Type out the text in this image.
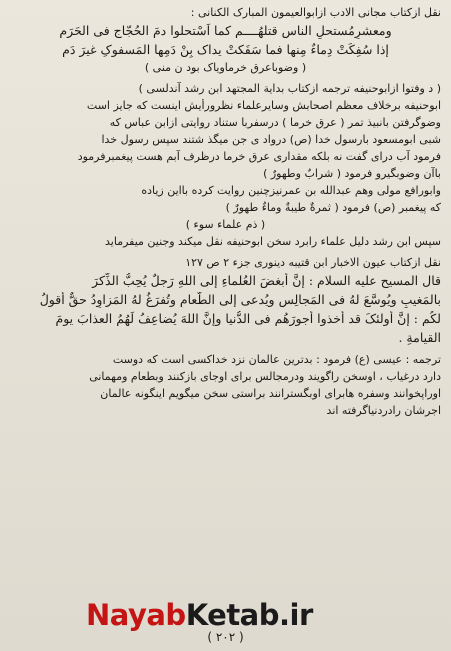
نقل ازکتاب مجانی الادب ازابوالعیمون المبارک الکنانی :
ومعشرٍمُستحلِ الناسِ قتلهُــــم کما اَسْتحلوا دمَ الحُجّاجِ فی الحَرَم
إذا سُفِکَتْ دِماءٌ مِنها فما سَفَکتْ یداک بِنْ دَمِها المَسفوکِ غیرَ دَمِ
( وضوباعرق خرماویاک بود ن منی )
( د وفتوا ازابوحنیفه ترجمه ازکتاب بدایة المجتهد ابن رشد آندلسی )
ابوحنیفه برخلاف معظم اصحابش وسایرعلماء نظرورأیش اینست که جایز است
وضوگرفتن بانبیذ تمر ( عرق خرما ) درسفربا ستناد روایتی ازابن عباس که
شبی ابومسعود بارسول خدا (ص) درواد ی جن میگذ شتند سپس رسول خدا
فرمود آب درای گفت نه بلکه مقداری عرق خرما درظرف آبم هست پیغمبرفرمود
باآن وضوبگیرو فرمود ( شرابٌ وطهورٌ )
وابورافع مولی وهم عبدالله بن عمرنیزچنین روایت کرده بااین زیاده
که پیغمبر (ص) فرمود ( ثمرةٌ طیبةٌ وماءٌ طهورٌ )
( ذم علماء سوء )
سپس ابن رشد دلیل علماء رابرد سخن ابوحنیفه نقل میکند وجنین میفرماید
نقل ازکتاب عیون الاخبار ابن قتیبه دینوری جزء ۲ ص ۱۲۷
قال المسیح علیه السلام : إنَّ أبغضَ العُلماءِ إلی اللهِ رَجلٌ یُحِبُّ الذِّکرَ
بالمَغیبِ ویُوسَّعَ لهُ فی المَجالِسِ ویُدعی إلی الطَّعامِ وتُفرَغُ لهُ المَزاوِدُ حقٌّ أقولُ
لکُم : إنَّ أولئکَ قد أخذوا أجورَهُم فی الدُّنیا وإنَّ اللهَ یُضاعِفُ لَهُمُ العذابَ یومَ
القیامةِ .
ترجمه : عیسی (ع) فرمود : بدترین عالمان نزد خداکسی است که دوست
دارد درغیاب ، اوسخن راگویند ودرمجالس برای اوجای بازکنند وبطعام ومهمانی
اوراپخوانند وسفره هابرای اوبگسترانند براستی سخن میگویم اینگونه عالمان
اجرشان رادردنیاگرفته اند
NayabKetab.ir
( ۲۰۲ )
